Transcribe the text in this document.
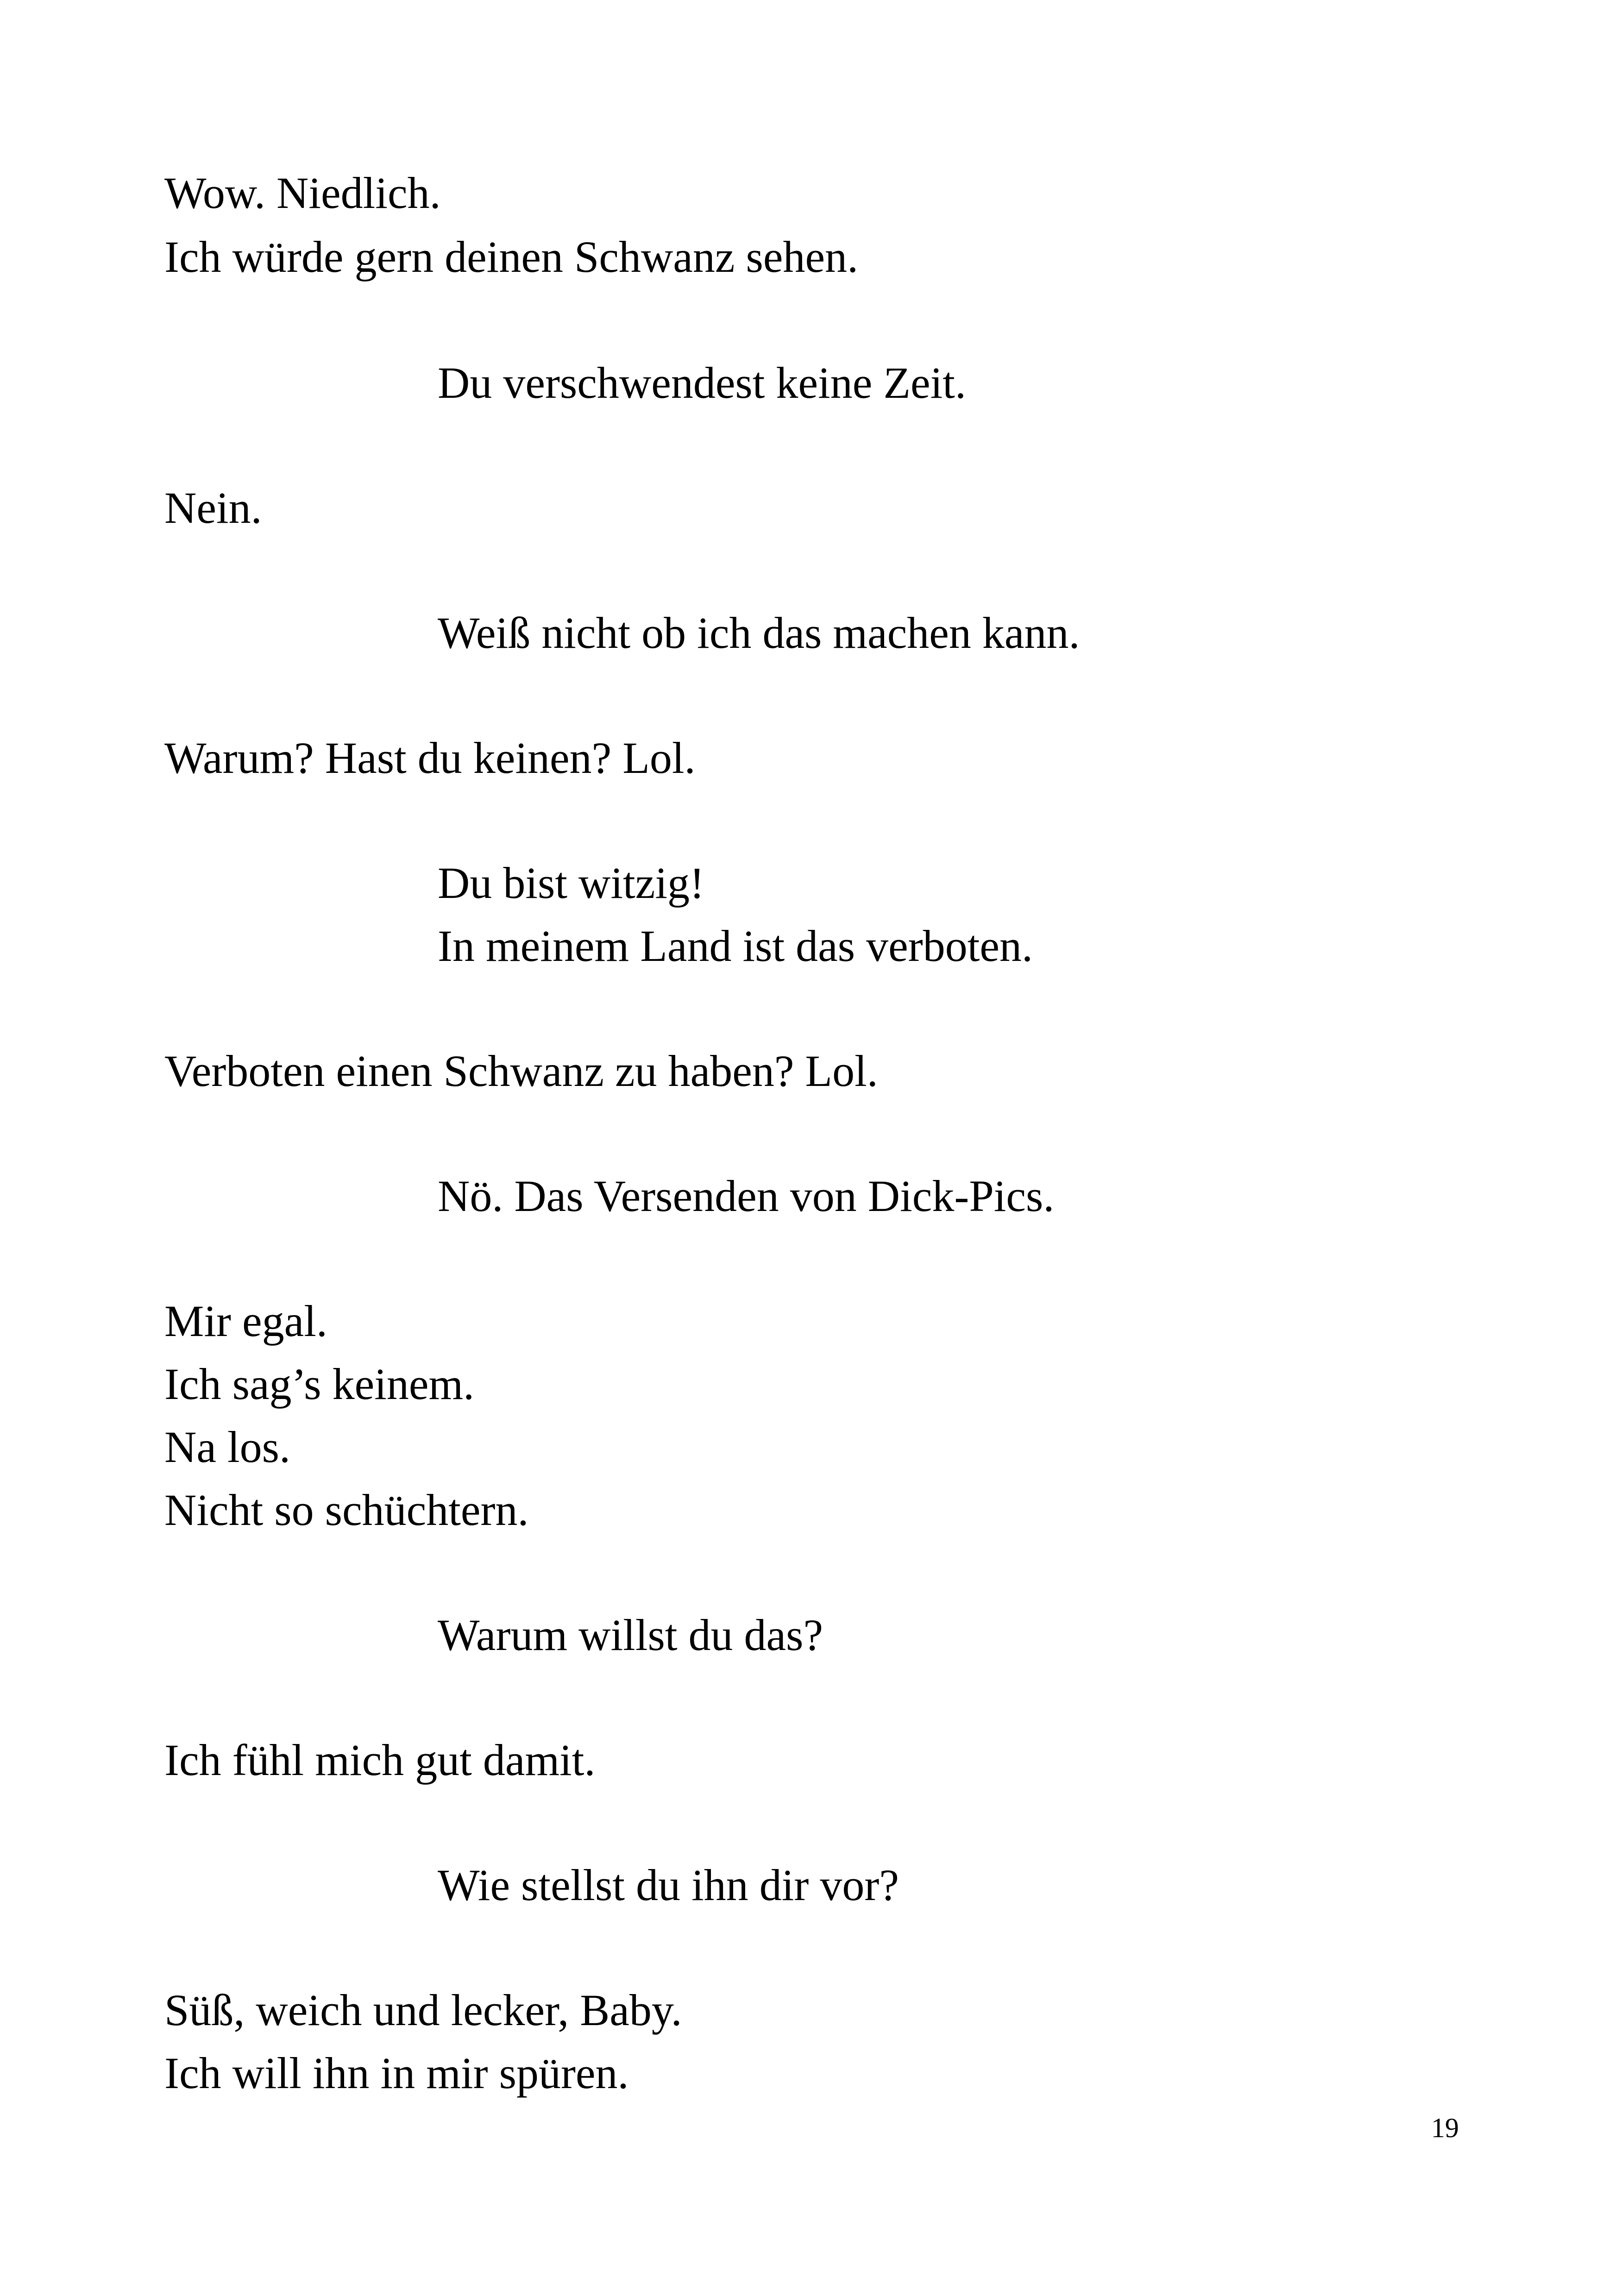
Wow. Niedlich.
Ich würde gern deinen Schwanz sehen.
Du verschwendest keine Zeit.
Nein.
Weiß nicht ob ich das machen kann.
Warum? Hast du keinen? Lol.
Du bist witzig!
In meinem Land ist das verboten.
Verboten einen Schwanz zu haben? Lol.
Nö. Das Versenden von Dick-Pics.
Mir egal.
Ich sag’s keinem.
Na los.
Nicht so schüchtern.
Warum willst du das?
Ich fühl mich gut damit.
Wie stellst du ihn dir vor?
Süß, weich und lecker, Baby.
Ich will ihn in mir spüren.
19
